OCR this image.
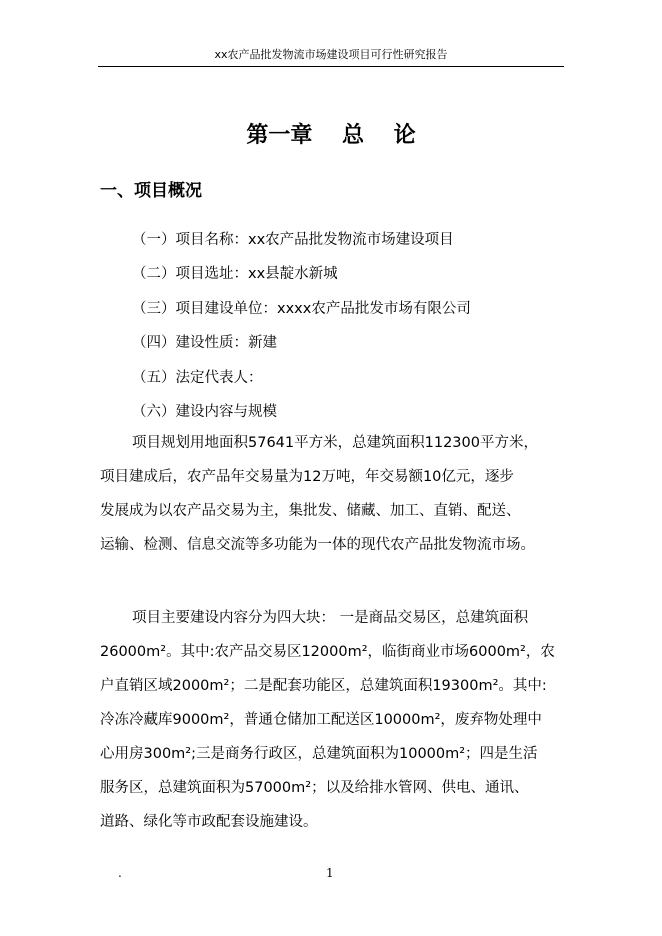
xx农产品批发物流市场建设项目可行性研究报告
第一章 总 论
一、项目概况
（一）项目名称：xx农产品批发物流市场建设项目
（二）项目选址：xx县靛水新城
（三）项目建设单位：xxxx农产品批发市场有限公司
（四）建设性质：新建
（五）法定代表人：
（六）建设内容与规模
项目规划用地面积57641平方米，总建筑面积112300平方米，
项目建成后，农产品年交易量为12万吨，年交易额10亿元，逐步
发展成为以农产品交易为主，集批发、储藏、加工、直销、配送、
运输、检测、信息交流等多功能为一体的现代农产品批发物流市场。
项目主要建设内容分为四大块： 一是商品交易区，总建筑面积
26000m²。其中:农产品交易区12000m²，临街商业市场6000m²，农
户直销区域2000m²；二是配套功能区，总建筑面积19300m²。其中:
冷冻冷藏库9000m²，普通仓储加工配送区10000m²，废弃物处理中
心用房300m²;三是商务行政区，总建筑面积为10000m²；四是生活
服务区，总建筑面积为57000m²；以及给排水管网、供电、通讯、
道路、绿化等市政配套设施建设。
.	1
